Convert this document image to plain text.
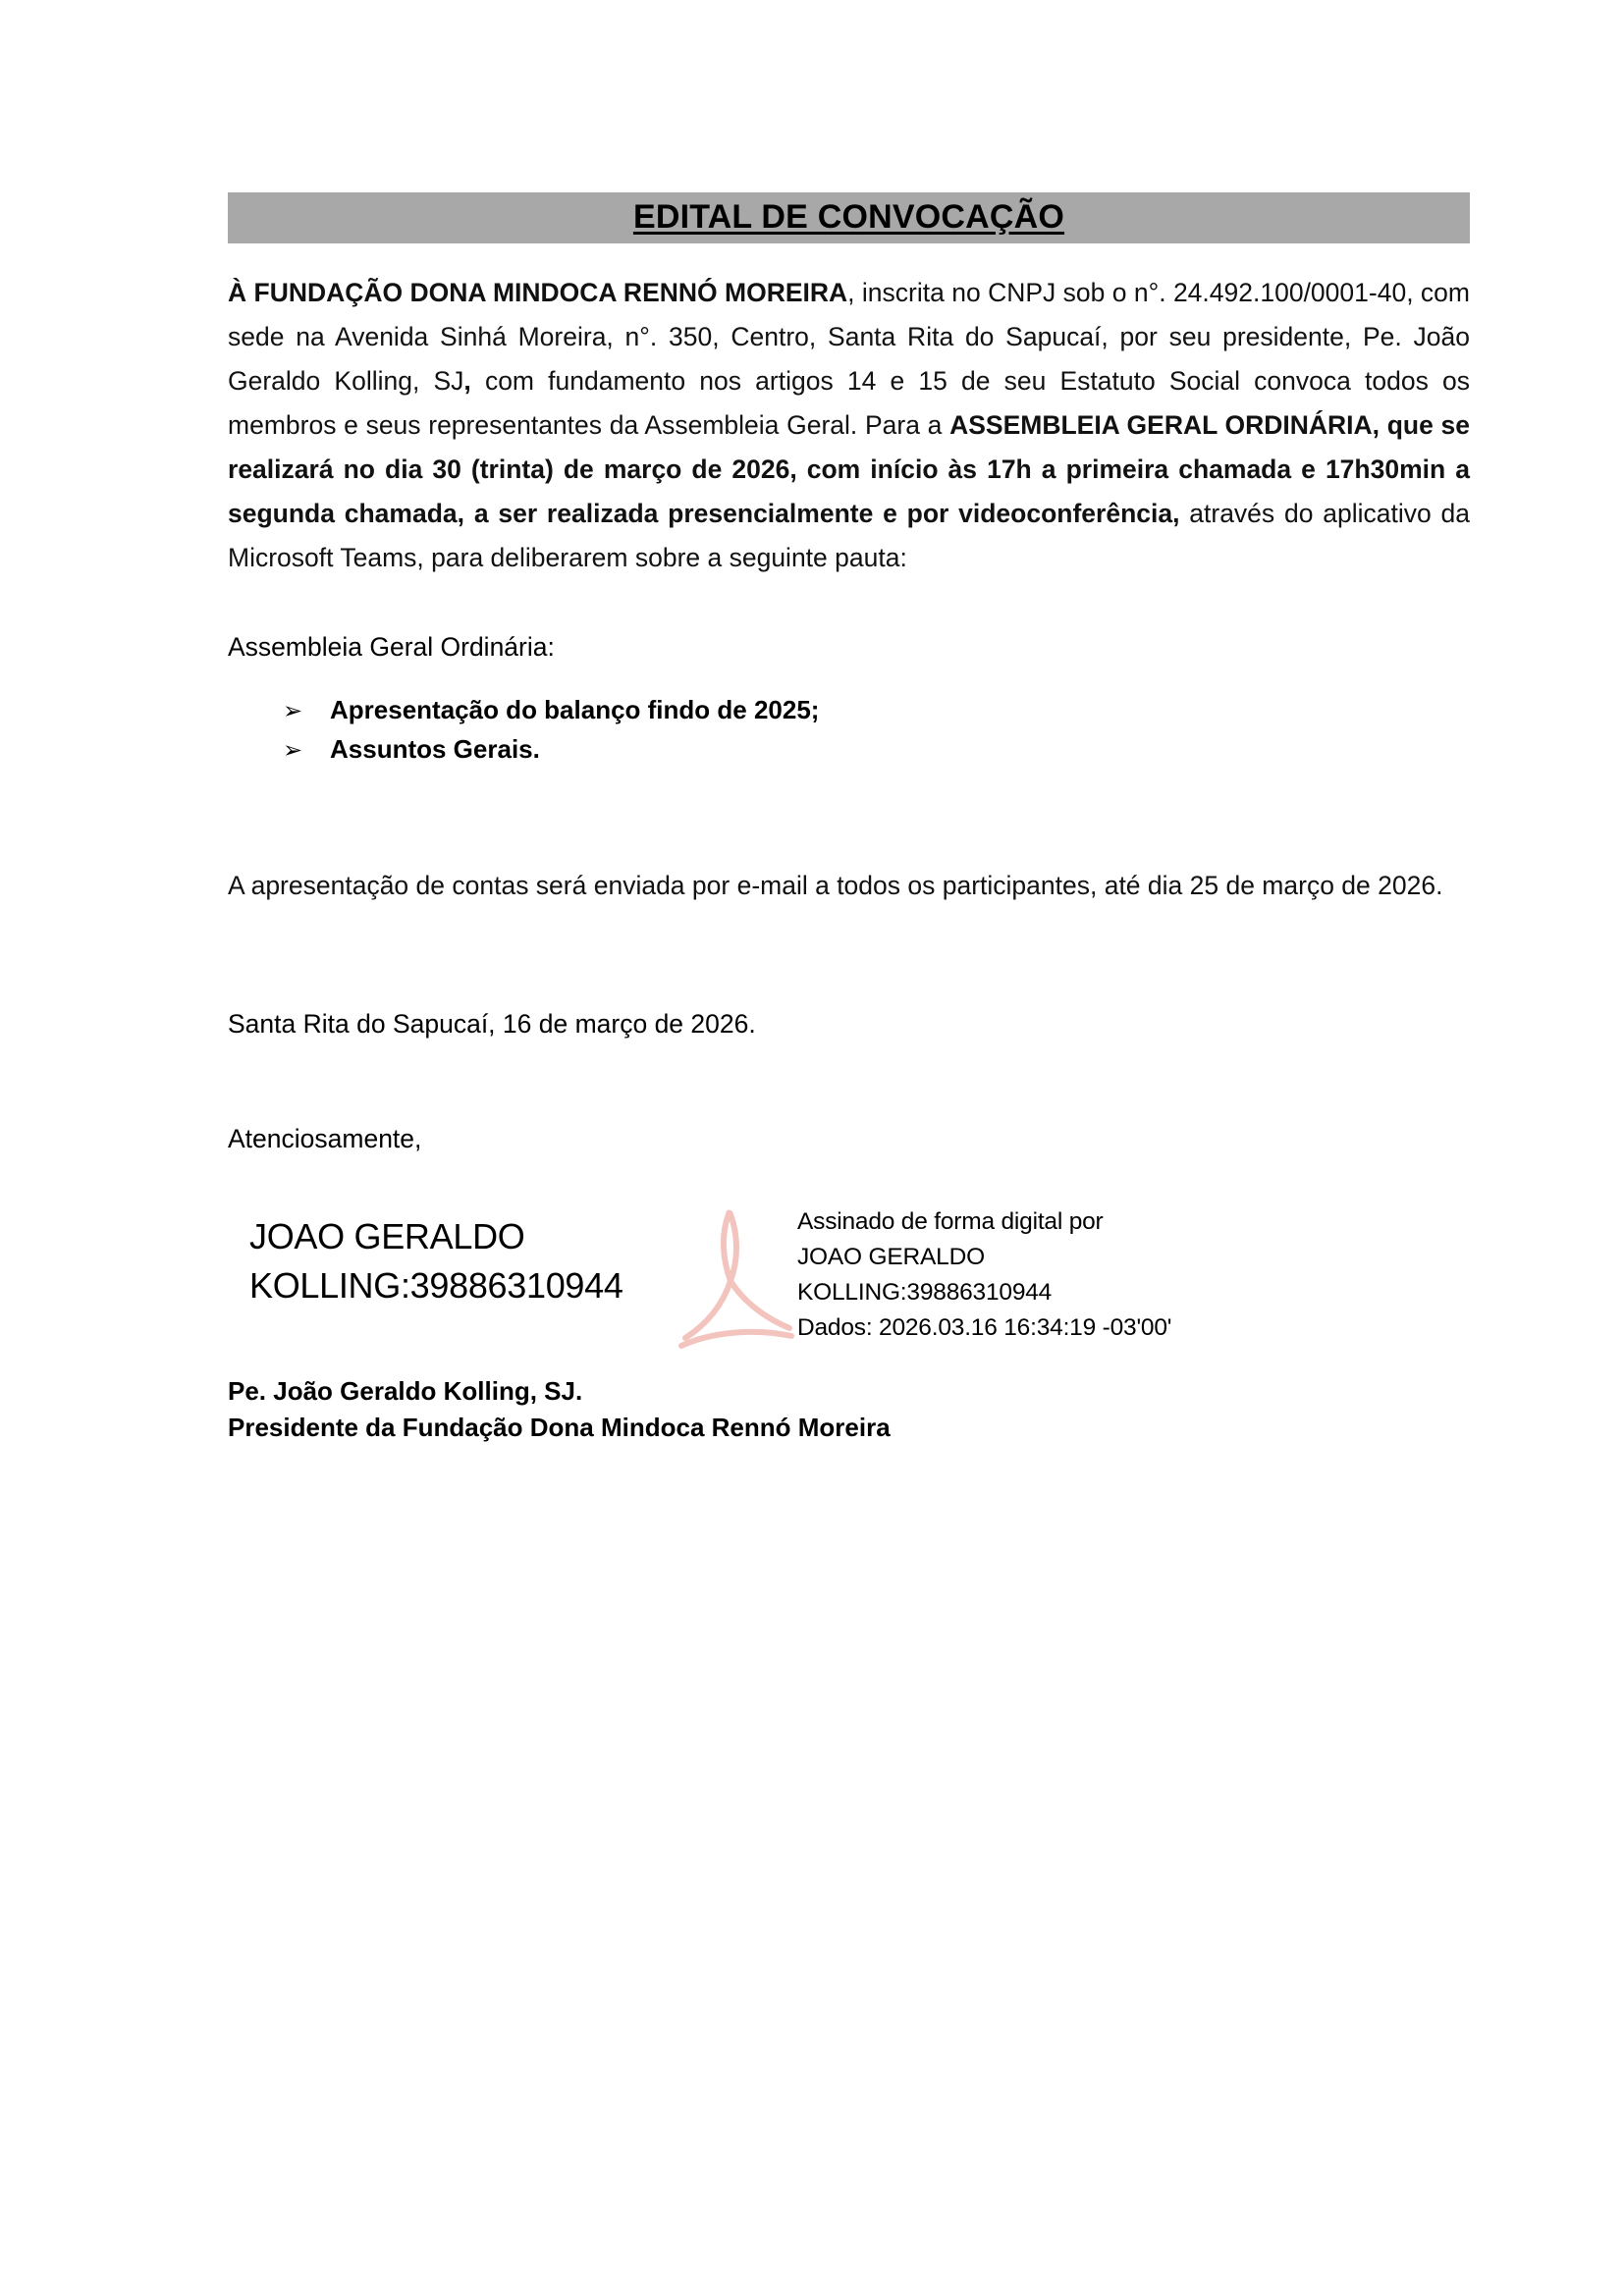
EDITAL DE CONVOCAÇÃO

À FUNDAÇÃO DONA MINDOCA RENNÓ MOREIRA, inscrita no CNPJ sob o n°. 24.492.100/0001-40, com sede na Avenida Sinhá Moreira, n°. 350, Centro, Santa Rita do Sapucaí, por seu presidente, Pe. João Geraldo Kolling, SJ, com fundamento nos artigos 14 e 15 de seu Estatuto Social convoca todos os membros e seus representantes da Assembleia Geral. Para a ASSEMBLEIA GERAL ORDINÁRIA, que se realizará no dia 30 (trinta) de março de 2026, com início às 17h a primeira chamada e 17h30min a segunda chamada, a ser realizada presencialmente e por videoconferência, através do aplicativo da Microsoft Teams, para deliberarem sobre a seguinte pauta:

Assembleia Geral Ordinária:

➢	Apresentação do balanço findo de 2025;
➢	Assuntos Gerais.

A apresentação de contas será enviada por e-mail a todos os participantes, até dia 25 de março de 2026.

Santa Rita do Sapucaí, 16 de março de 2026.

Atenciosamente,

JOAO GERALDO
KOLLING:39886310944
Assinado de forma digital por
JOAO GERALDO
KOLLING:39886310944
Dados: 2026.03.16 16:34:19 -03'00'
Pe. João Geraldo Kolling, SJ.
Presidente da Fundação Dona Mindoca Rennó Moreira
